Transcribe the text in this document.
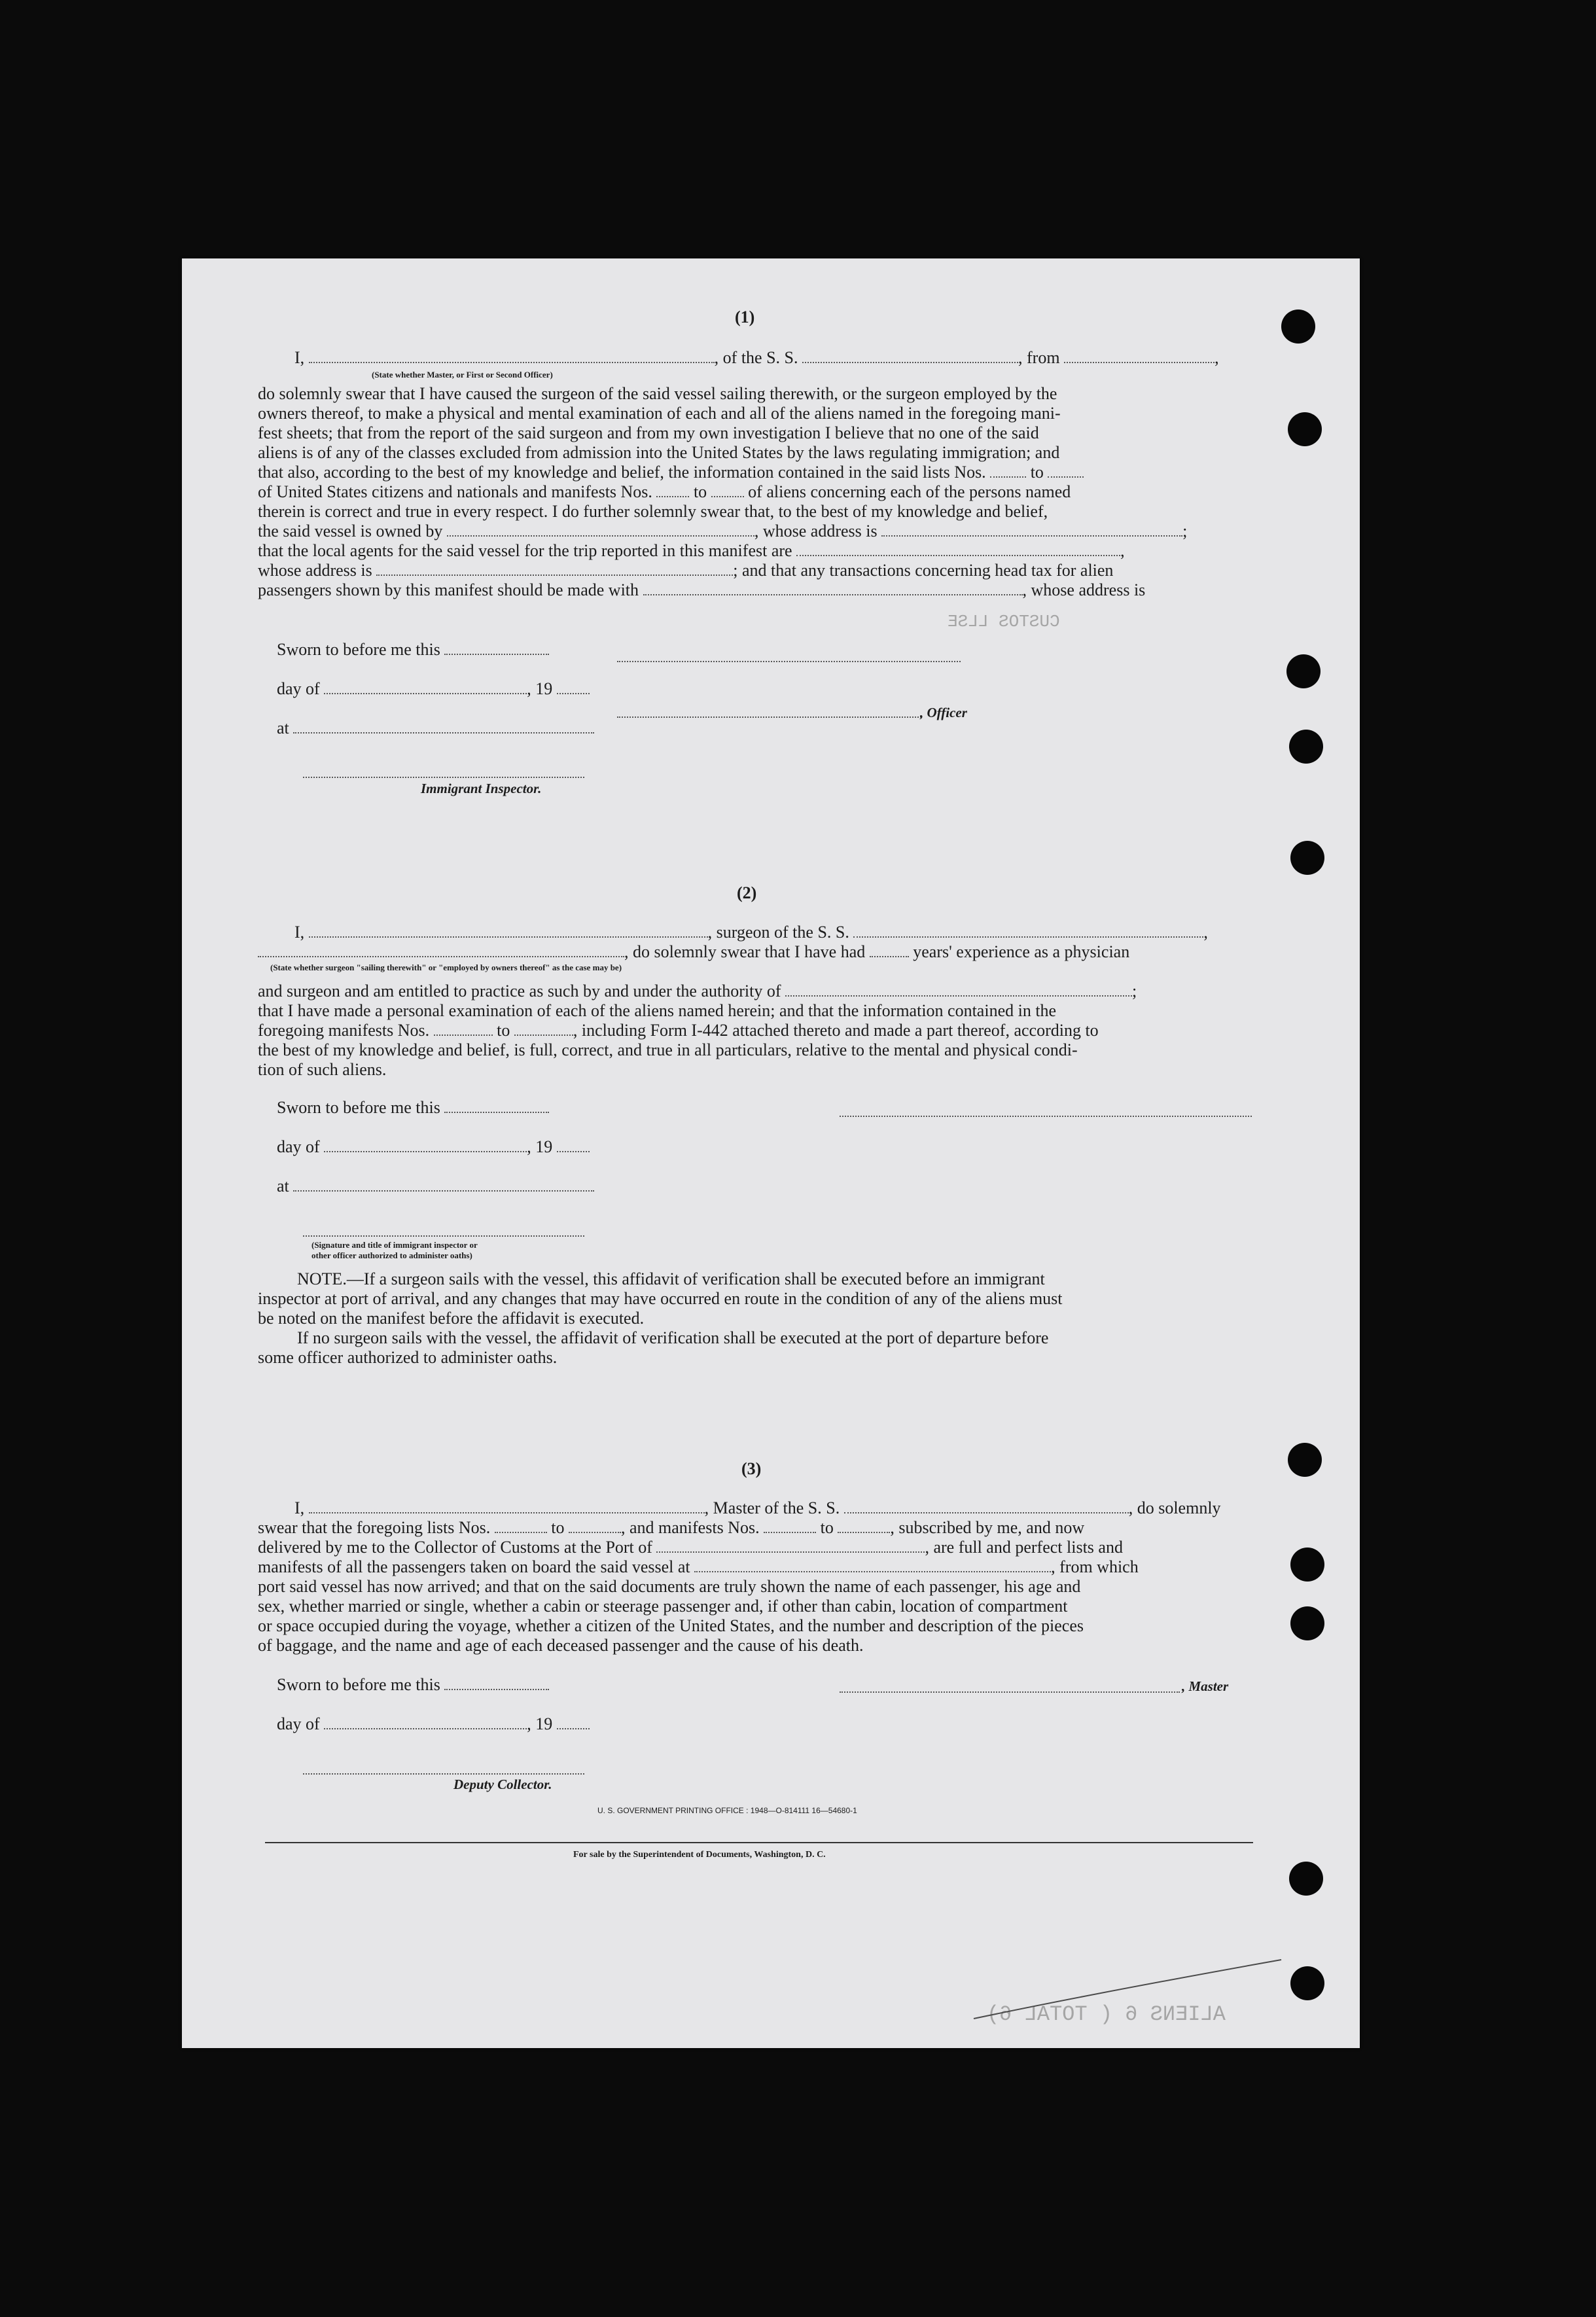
CUSTOS LLSE
ALIENS 6 ( TOTAL 6)
(1)
I,	, of the S. S.	, from	,
(State whether Master, or First or Second Officer)
do solemnly swear that I have caused the surgeon of the said vessel sailing therewith, or the surgeon employed by the
owners thereof, to make a physical and mental examination of each and all of the aliens named in the foregoing mani-
fest sheets; that from the report of the said surgeon and from my own investigation I believe that no one of the said
aliens is of any of the classes excluded from admission into the United States by the laws regulating immigration; and
that also, according to the best of my knowledge and belief, the information contained in the said lists Nos.	to
of United States citizens and nationals and manifests Nos. to of aliens concerning each of the persons named
therein is correct and true in every respect. I do further solemnly swear that, to the best of my knowledge and belief,
the said vessel is owned by	, whose address is	;
that the local agents for the said vessel for the trip reported in this manifest are	,
whose address is	; and that any transactions concerning head tax for alien
passengers shown by this manifest should be made with	, whose address is
Sworn to before me this
day of	, 19
at
, Officer
Immigrant Inspector.
(2)
I,	, surgeon of the S. S.	,
, do solemnly swear that I have had	years' experience as a physician
(State whether surgeon "sailing therewith" or "employed by owners thereof" as the case may be)
and surgeon and am entitled to practice as such by and under the authority of	;
that I have made a personal examination of each of the aliens named herein; and that the information contained in the
foregoing manifests Nos.	to	, including Form I-442 attached thereto and made a part thereof, according to
the best of my knowledge and belief, is full, correct, and true in all particulars, relative to the mental and physical condi-
tion of such aliens.
Sworn to before me this
day of	, 19
at
(Signature and title of immigrant inspector or
other officer authorized to administer oaths)
NOTE.—If a surgeon sails with the vessel, this affidavit of verification shall be executed before an immigrant
inspector at port of arrival, and any changes that may have occurred en route in the condition of any of the aliens must
be noted on the manifest before the affidavit is executed.
If no surgeon sails with the vessel, the affidavit of verification shall be executed at the port of departure before
some officer authorized to administer oaths.
(3)
I,	, Master of the S. S.	, do solemnly
swear that the foregoing lists Nos.	to	, and manifests Nos.	to	, subscribed by me, and now
delivered by me to the Collector of Customs at the Port of	, are full and perfect lists and
manifests of all the passengers taken on board the said vessel at	, from which
port said vessel has now arrived; and that on the said documents are truly shown the name of each passenger, his age and
sex, whether married or single, whether a cabin or steerage passenger and, if other than cabin, location of compartment
or space occupied during the voyage, whether a citizen of the United States, and the number and description of the pieces
of baggage, and the name and age of each deceased passenger and the cause of his death.
Sworn to before me this	, Master
day of	, 19
Deputy Collector.
U. S. GOVERNMENT PRINTING OFFICE : 1948—O-814111 16—54680-1
For sale by the Superintendent of Documents, Washington, D. C.
